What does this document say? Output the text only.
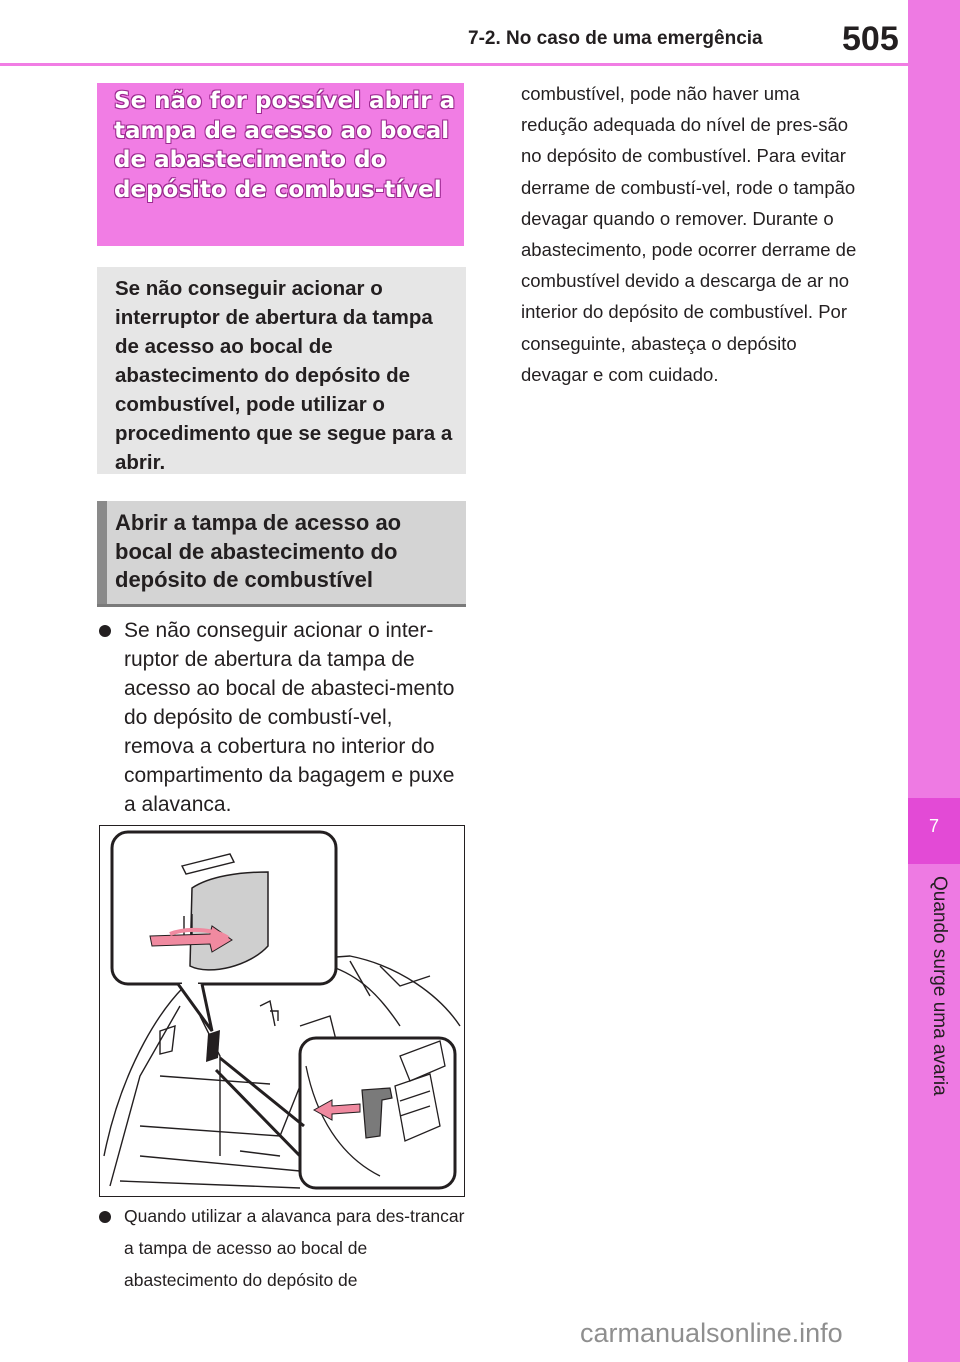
7-2. No caso de uma emergência 505
7
Quando surge uma avaria
Se não for possível abrir a tampa de acesso ao bocal de abastecimento do depósito de combus-tível

Se não conseguir acionar o interruptor de abertura da tampa de acesso ao bocal de abastecimento do depósito de combustível, pode utilizar o procedimento que se segue para a abrir.

Abrir a tampa de acesso ao bocal de abastecimento do depósito de combustível

Se não conseguir acionar o inter-ruptor de abertura da tampa de acesso ao bocal de abasteci-mento do depósito de combustí-vel, remova a cobertura no interior do compartimento da bagagem e puxe a alavanca.

Quando utilizar a alavanca para des-trancar a tampa de acesso ao bocal de abastecimento do depósito de

combustível, pode não haver uma redução adequada do nível de pres-são no depósito de combustível. Para evitar derrame de combustí-vel, rode o tampão devagar quando o remover. Durante o abastecimento, pode ocorrer derrame de combustível devido a descarga de ar no interior do depósito de combustível. Por conseguinte, abasteça o depósito devagar e com cuidado.

carmanualsonline.info
